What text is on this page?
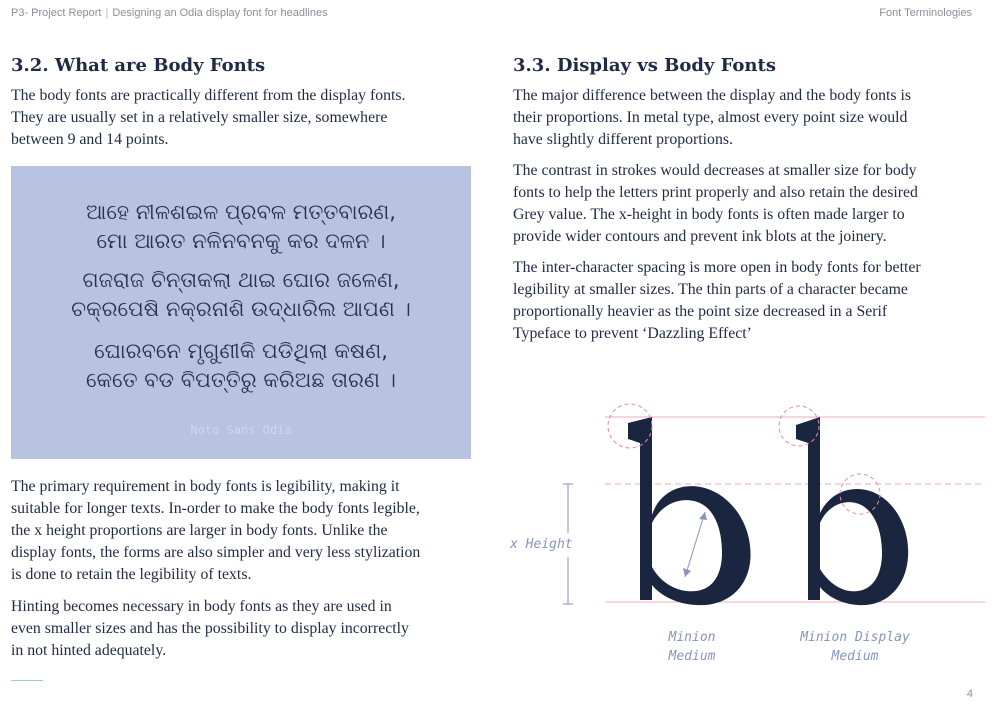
P3- Project Report | Designing an Odia display font for headlines	Font Terminologies
3.2. What are Body Fonts

The body fonts are practically different from the display fonts.
They are usually set in a relatively smaller size, somewhere
between 9 and 14 points.

ଆହେ ନୀଳଶଇଳ ପ୍ରବଳ ମତ୍ତବାରଣ,
ମୋ ଆରତ ନଳିନବନକୁ କର ଦଳନ ।
ଗଜରାଜ ଚିନ୍ତାକଲା ଥାଇ ଘୋର ଜଳେଣ,
ଚକ୍ରପେଷି ନକ୍ରନାଶି ଉଦ୍ଧାରିଲ ଆପଣ ।
ଘୋରବନେ ମୃଗୁଣୀକି ପଡିଥିଲା କଷଣ,
କେତେ ବଡ ବିପତ୍ତିରୁ କରିଅଛ ତାରଣ ।
Noto Sans Odia

The primary requirement in body fonts is legibility, making it
suitable for longer texts. In-order to make the body fonts legible,
the x height proportions are larger in body fonts. Unlike the
display fonts, the forms are also simpler and very less stylization
is done to retain the legibility of texts.

Hinting becomes necessary in body fonts as they are used in
even smaller sizes and has the possibility to display incorrectly
in not hinted adequately.

3.3. Display vs Body Fonts

The major difference between the display and the body fonts is
their proportions. In metal type, almost every point size would
have slightly different proportions.

The contrast in strokes would decreases at smaller size for body
fonts to help the letters print properly and also retain the desired
Grey value. The x-height in body fonts is often made larger to
provide wider contours and prevent ink blots at the joinery.

The inter-character spacing is more open in body fonts for better
legibility at smaller sizes. The thin parts of a character became
proportionally heavier as the point size decreased in a Serif
Typeface to prevent ‘Dazzling Effect’

x Height
Minion
Medium
Minion Display
Medium
4
